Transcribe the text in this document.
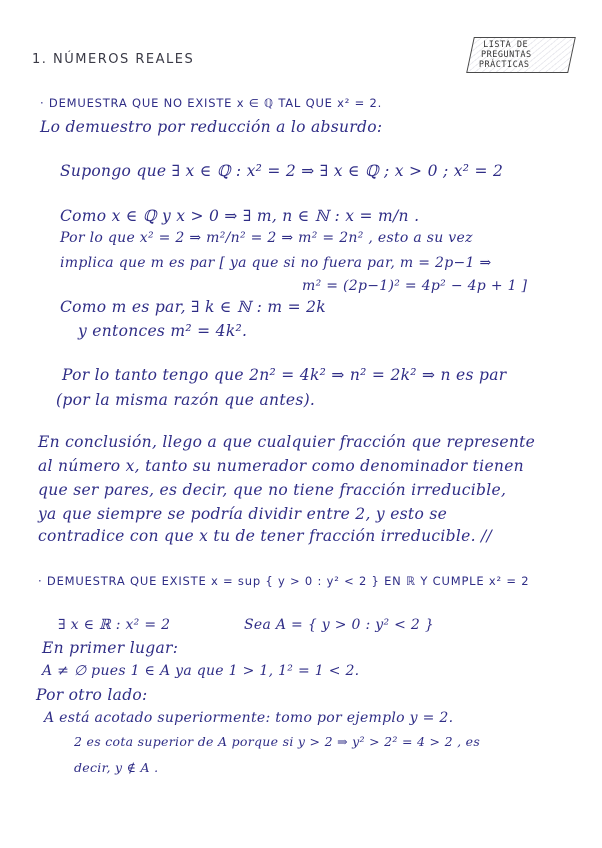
1. NÚMEROS REALES
LISTA DE
PREGUNTAS
PRÁCTICAS
· DEMUESTRA QUE NO EXISTE x ∈ ℚ TAL QUE x² = 2.
Lo demuestro por reducción a lo absurdo:
Supongo que ∃ x ∈ ℚ : x² = 2 ⇒ ∃ x ∈ ℚ ; x > 0 ; x² = 2
Como x ∈ ℚ y x > 0 ⇒ ∃ m, n ∈ ℕ : x = m/n .
Por lo que x² = 2 ⇒ m²/n² = 2 ⇒ m² = 2n² , esto a su vez
implica que m es par [ ya que si no fuera par, m = 2p−1 ⇒
m² = (2p−1)² = 4p² − 4p + 1 ]
Como m es par, ∃ k ∈ ℕ : m = 2k
y entonces m² = 4k².
Por lo tanto tengo que 2n² = 4k² ⇒ n² = 2k² ⇒ n es par
(por la misma razón que antes).
En conclusión, llego a que cualquier fracción que represente
al número x, tanto su numerador como denominador tienen
que ser pares, es decir, que no tiene fracción irreducible,
ya que siempre se podría dividir entre 2, y esto se
contradice con que x tu de tener fracción irreducible. //
· DEMUESTRA QUE EXISTE x = sup { y > 0 : y² < 2 } EN ℝ Y CUMPLE x² = 2
∃ x ∈ ℝ : x² = 2	Sea A = { y > 0 : y² < 2 }
En primer lugar:
A ≠ ∅ pues 1 ∈ A ya que 1 > 1, 1² = 1 < 2.
Por otro lado:
A está acotado superiormente: tomo por ejemplo y = 2.
2 es cota superior de A porque si y > 2 ⇒ y² > 2² = 4 > 2 , es
decir, y ∉ A .
